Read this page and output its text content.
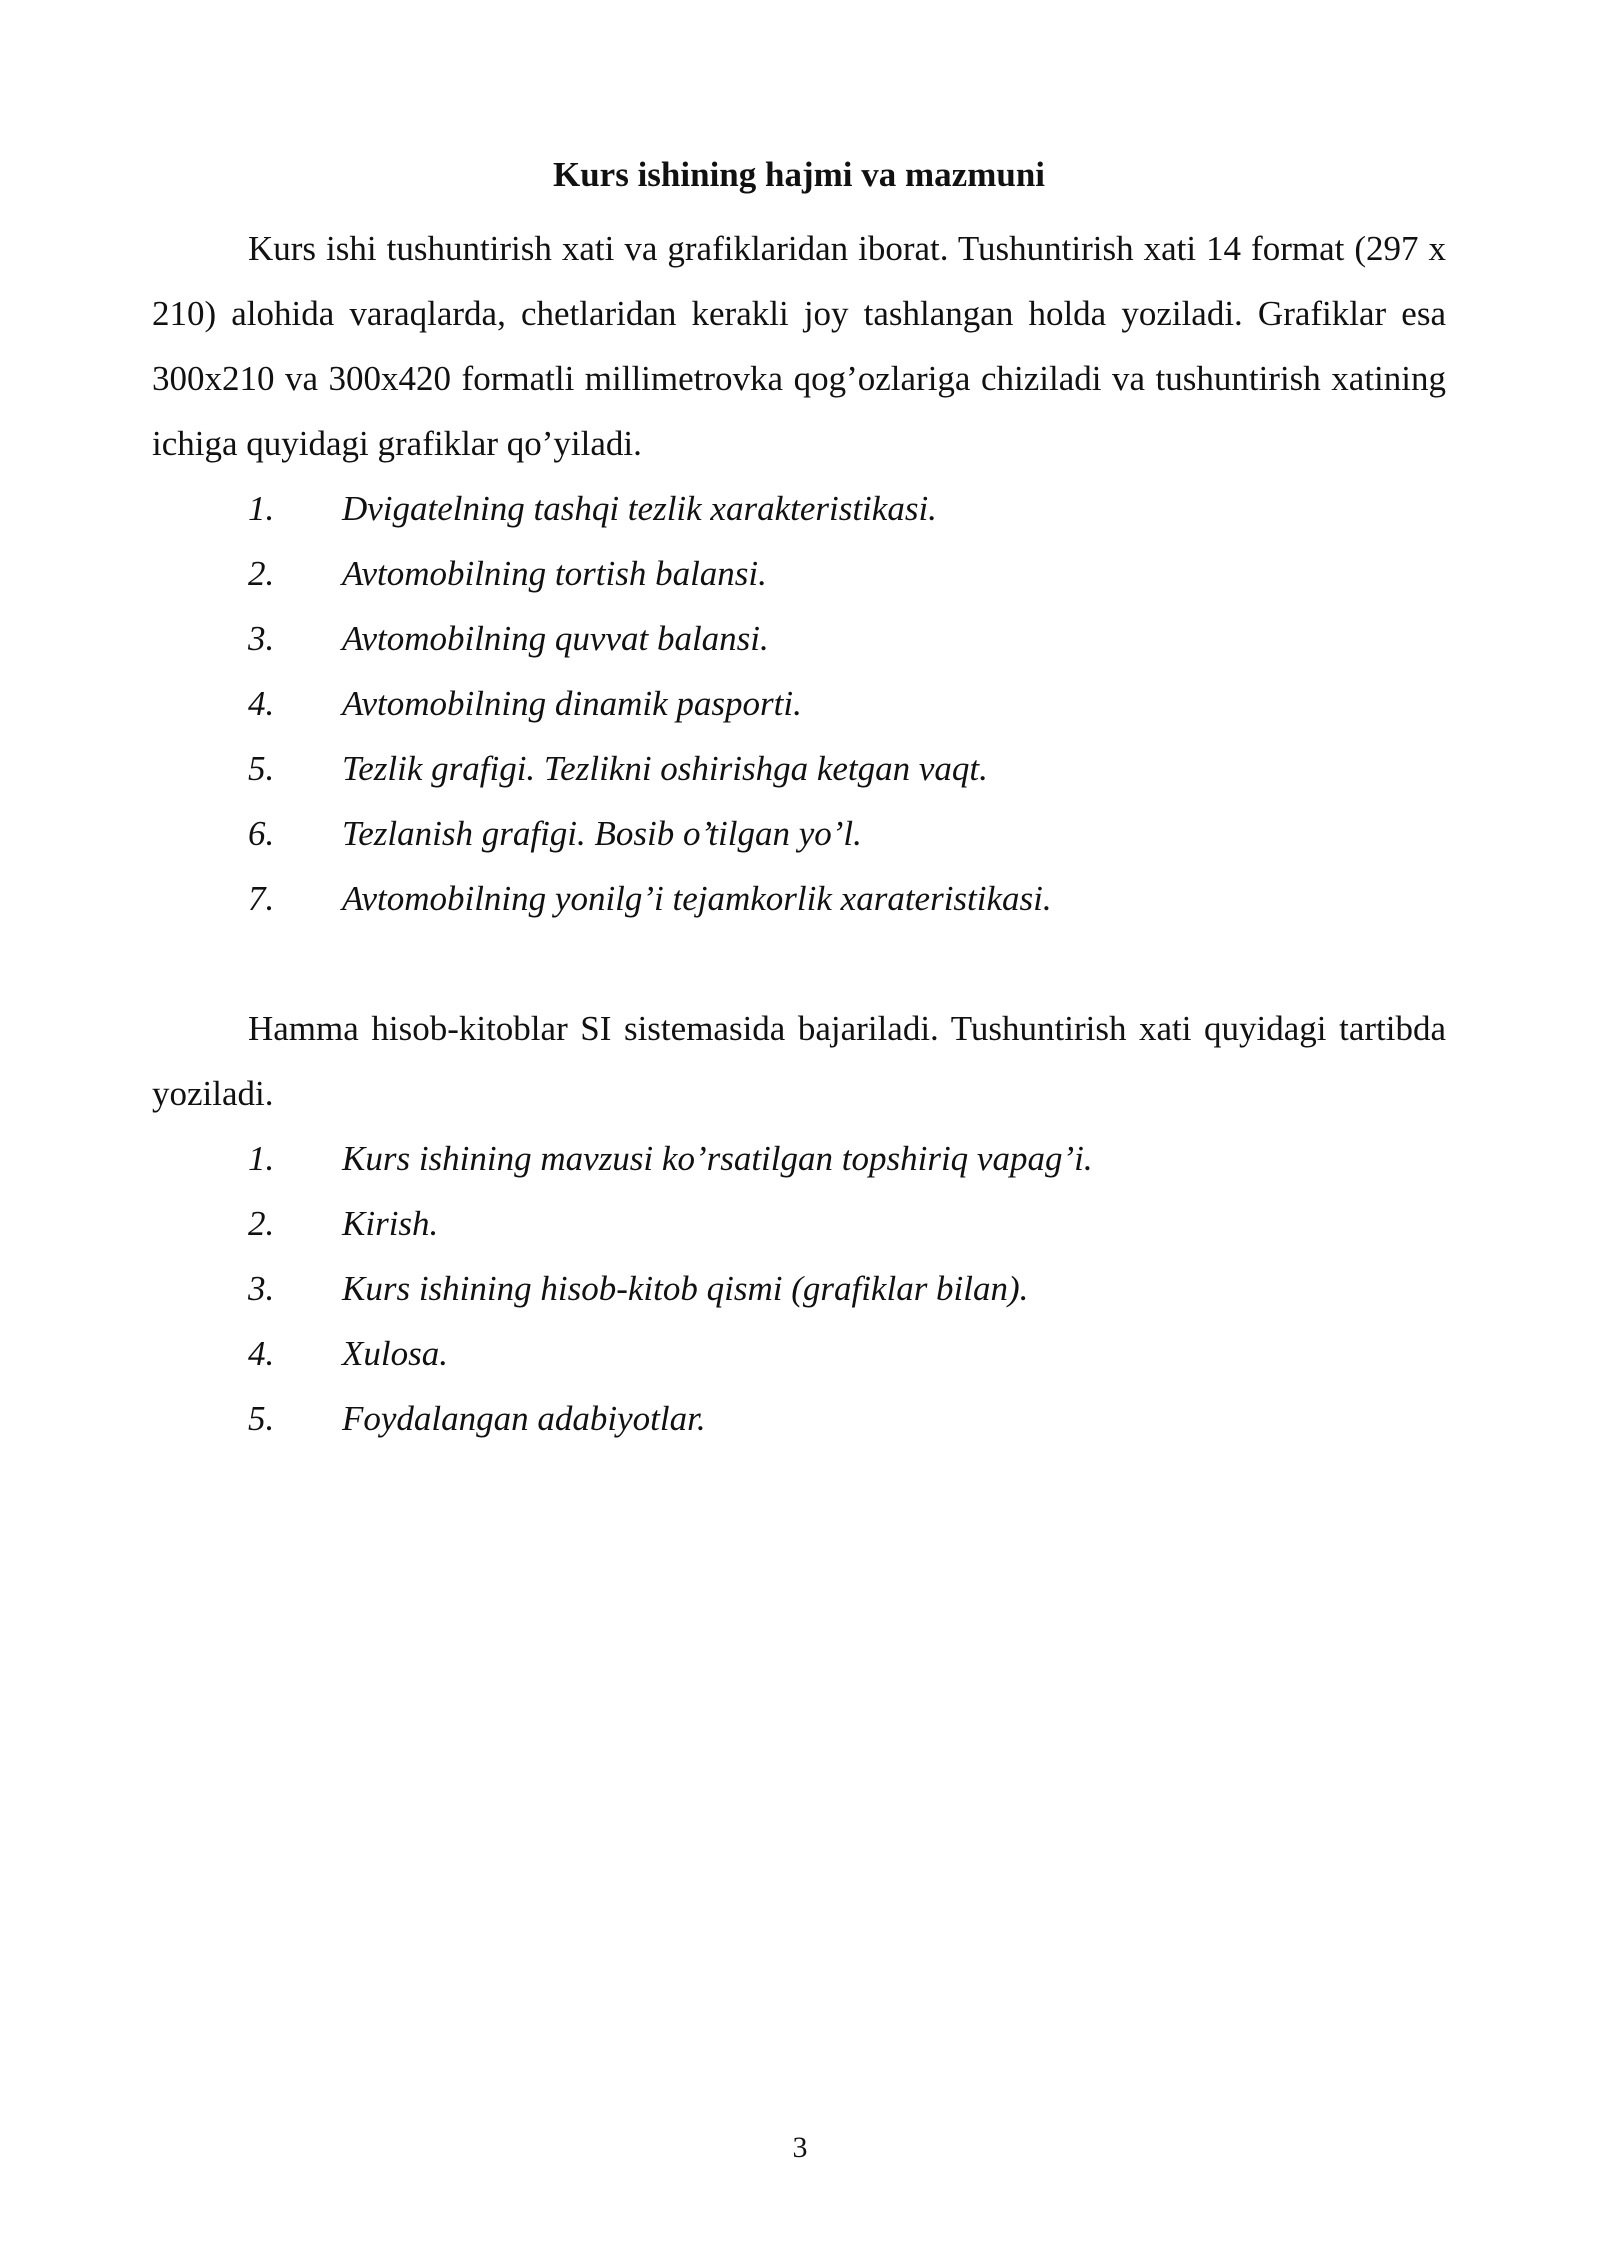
Kurs ishining hajmi va mazmuni

Kurs ishi tushuntirish xati va grafiklaridan iborat. Tushuntirish xati 14 format (297 x 210) alohida varaqlarda, chetlaridan kerakli joy tashlangan holda yoziladi. Grafiklar esa 300x210 va 300x420 formatli millimetrovka qog’ozlariga chiziladi va tushuntirish xatining ichiga quyidagi grafiklar qo’yiladi.

1. Dvigatelning tashqi tezlik xarakteristikasi.
2. Avtomobilning tortish balansi.
3. Avtomobilning quvvat balansi.
4. Avtomobilning dinamik pasporti.
5. Tezlik grafigi. Tezlikni oshirishga ketgan vaqt.
6. Tezlanish grafigi. Bosib o’tilgan yo’l.
7. Avtomobilning yonilg’i tejamkorlik xarateristikasi.

Hamma hisob-kitoblar SI sistemasida bajariladi. Tushuntirish xati quyidagi tartibda yoziladi.

1. Kurs ishining mavzusi ko’rsatilgan topshiriq vapag’i.
2. Kirish.
3. Kurs ishining hisob-kitob qismi (grafiklar bilan).
4. Xulosa.
5. Foydalangan adabiyotlar.
3
